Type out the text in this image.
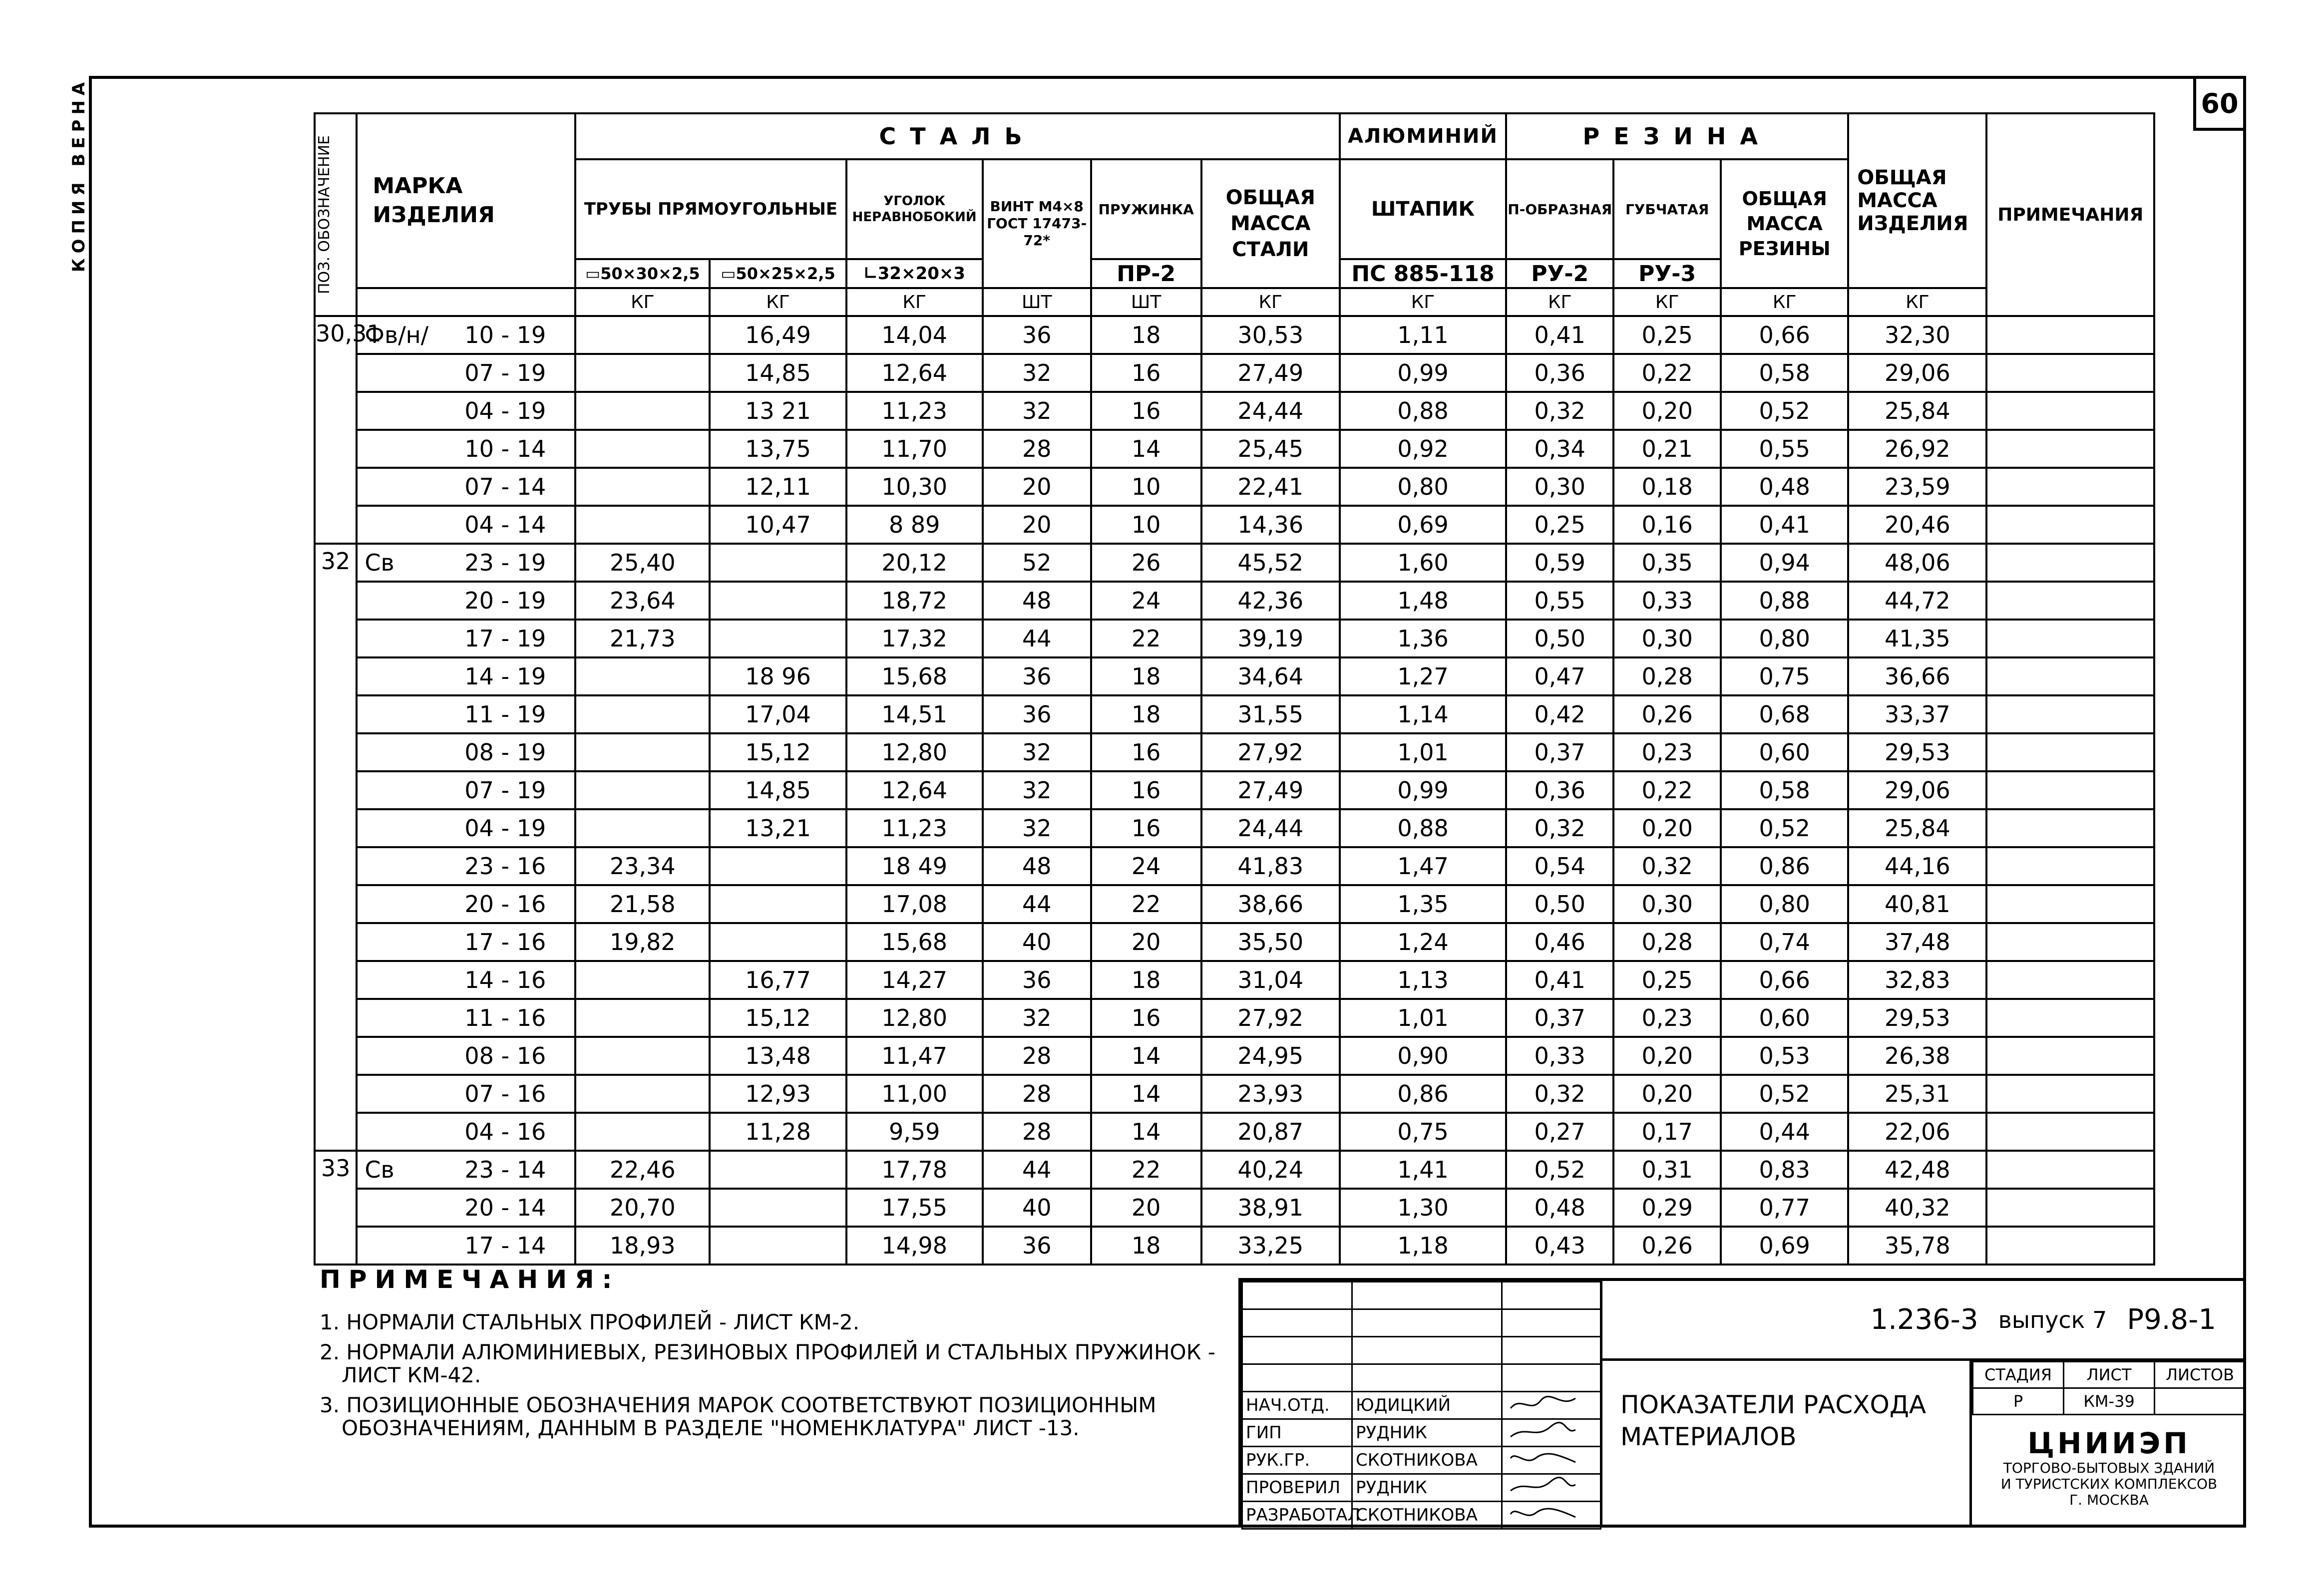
КОПИЯ ВЕРНА	60
ПОЗ. ОБОЗНАЧЕНИЕ	МАРКА ИЗДЕЛИЯ	СТАЛЬ						АЛЮМИНИЙ	РЕЗИНА			ОБЩАЯ МАССА ИЗДЕЛИЯ	ПРИМЕЧАНИЯ
		ТРУБЫ ПРЯМОУГОЛЬНЫЕ		УГОЛОК НЕРАВНОБОКИЙ	ВИНТ М4×8 ГОСТ 17473-72*	ПРУЖИНКА	ОБЩАЯ МАССА СТАЛИ	ШТАПИК	П-ОБРАЗНАЯ	ГУБЧАТАЯ	ОБЩАЯ МАССА РЕЗИНЫ		
		▭50×30×2,5	▭50×25×2,5	∟32×20×3		ПР-2		ПС 885-118	РУ-2	РУ-3			
		КГ	КГ	КГ	ШТ	ШТ	КГ	КГ	КГ	КГ	КГ	КГ	
30,31	Фв/н/ 10 - 19		16,49	14,04	36	18	30,53	1,11	0,41	0,25	0,66	32,30	
	07 - 19		14,85	12,64	32	16	27,49	0,99	0,36	0,22	0,58	29,06	
	04 - 19		13 21	11,23	32	16	24,44	0,88	0,32	0,20	0,52	25,84	
	10 - 14		13,75	11,70	28	14	25,45	0,92	0,34	0,21	0,55	26,92	
	07 - 14		12,11	10,30	20	10	22,41	0,80	0,30	0,18	0,48	23,59	
	04 - 14		10,47	8 89	20	10	14,36	0,69	0,25	0,16	0,41	20,46	
32	Св 23 - 19	25,40		20,12	52	26	45,52	1,60	0,59	0,35	0,94	48,06	
	20 - 19	23,64		18,72	48	24	42,36	1,48	0,55	0,33	0,88	44,72	
	17 - 19	21,73		17,32	44	22	39,19	1,36	0,50	0,30	0,80	41,35	
	14 - 19		18 96	15,68	36	18	34,64	1,27	0,47	0,28	0,75	36,66	
	11 - 19		17,04	14,51	36	18	31,55	1,14	0,42	0,26	0,68	33,37	
	08 - 19		15,12	12,80	32	16	27,92	1,01	0,37	0,23	0,60	29,53	
	07 - 19		14,85	12,64	32	16	27,49	0,99	0,36	0,22	0,58	29,06	
	04 - 19		13,21	11,23	32	16	24,44	0,88	0,32	0,20	0,52	25,84	
	23 - 16	23,34		18 49	48	24	41,83	1,47	0,54	0,32	0,86	44,16	
	20 - 16	21,58		17,08	44	22	38,66	1,35	0,50	0,30	0,80	40,81	
	17 - 16	19,82		15,68	40	20	35,50	1,24	0,46	0,28	0,74	37,48	
	14 - 16		16,77	14,27	36	18	31,04	1,13	0,41	0,25	0,66	32,83	
	11 - 16		15,12	12,80	32	16	27,92	1,01	0,37	0,23	0,60	29,53	
	08 - 16		13,48	11,47	28	14	24,95	0,90	0,33	0,20	0,53	26,38	
	07 - 16		12,93	11,00	28	14	23,93	0,86	0,32	0,20	0,52	25,31	
	04 - 16		11,28	9,59	28	14	20,87	0,75	0,27	0,17	0,44	22,06	
33	Св 23 - 14	22,46		17,78	44	22	40,24	1,41	0,52	0,31	0,83	42,48	
	20 - 14	20,70		17,55	40	20	38,91	1,30	0,48	0,29	0,77	40,32	
	17 - 14	18,93		14,98	36	18	33,25	1,18	0,43	0,26	0,69	35,78	
ПРИМЕЧАНИЯ:
1. НОРМАЛИ СТАЛЬНЫХ ПРОФИЛЕЙ - ЛИСТ КМ-2.
2. НОРМАЛИ АЛЮМИНИЕВЫХ, РЕЗИНОВЫХ ПРОФИЛЕЙ И СТАЛЬНЫХ ПРУЖИНОК - ЛИСТ КМ-42.
3. ПОЗИЦИОННЫЕ ОБОЗНАЧЕНИЯ МАРОК СООТВЕТСТВУЮТ ПОЗИЦИОННЫМ ОБОЗНАЧЕНИЯМ, ДАННЫМ В РАЗДЕЛЕ "НОМЕНКЛАТУРА" ЛИСТ -13.

НАЧ.ОТД.	ЮДИЦКИЙ	
ГИП	РУДНИК	
РУК.ГР.	СКОТНИКОВА	
ПРОВЕРИЛ	РУДНИК	
РАЗРАБОТАЛ	СКОТНИКОВА	
1.236-3 выпуск 7 Р9.8-1
ПОКАЗАТЕЛИ РАСХОДА МАТЕРИАЛОВ
СТАДИЯ	ЛИСТ	ЛИСТОВ
Р	КМ-39	
ЦНИИЭП
ТОРГОВО-БЫТОВЫХ ЗДАНИЙ
И ТУРИСТСКИХ КОМПЛЕКСОВ
Г. МОСКВА
